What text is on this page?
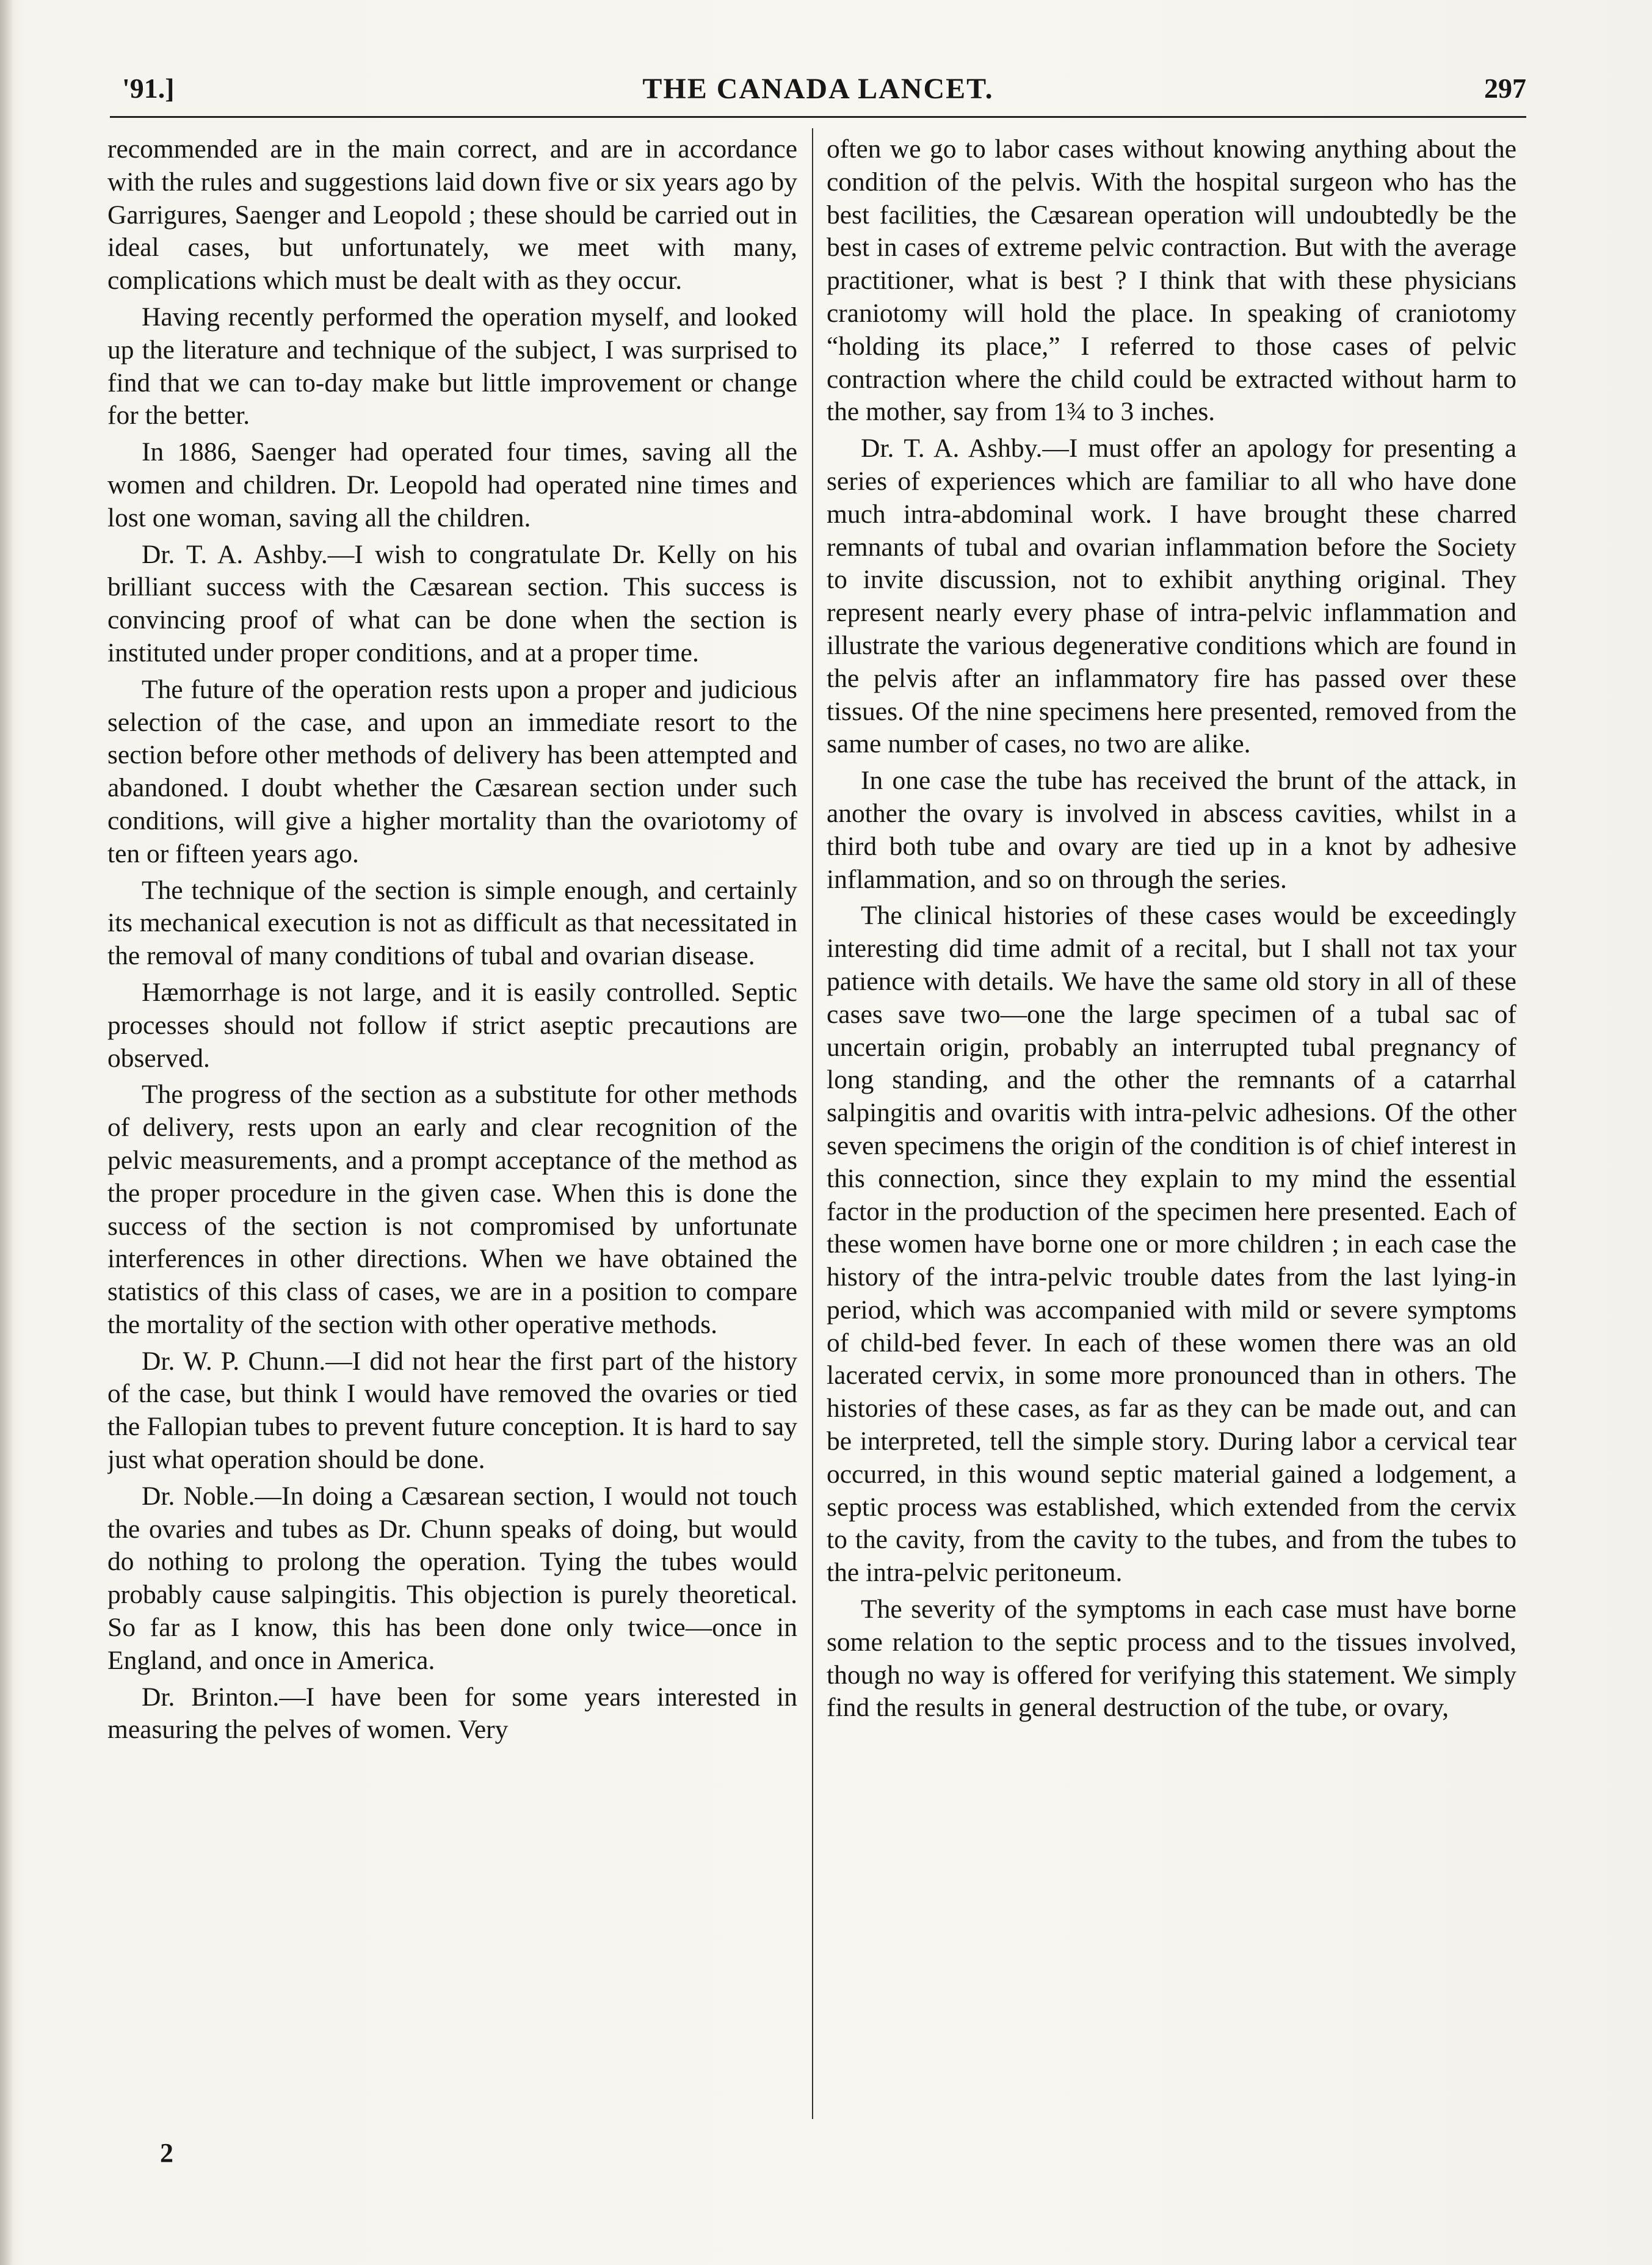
'91.]	THE CANADA LANCET.	297

recommended are in the main correct, and are in accordance with the rules and suggestions laid down five or six years ago by Garrigures, Saenger and Leopold ; these should be carried out in ideal cases, but unfortunately, we meet with many, complications which must be dealt with as they occur.

Having recently performed the operation myself, and looked up the literature and technique of the subject, I was surprised to find that we can to-day make but little improvement or change for the better.

In 1886, Saenger had operated four times, saving all the women and children. Dr. Leopold had operated nine times and lost one woman, saving all the children.

Dr. T. A. Ashby.—I wish to congratulate Dr. Kelly on his brilliant success with the Cæsarean section. This success is convincing proof of what can be done when the section is instituted under proper conditions, and at a proper time.

The future of the operation rests upon a proper and judicious selection of the case, and upon an immediate resort to the section before other methods of delivery has been attempted and abandoned. I doubt whether the Cæsarean section under such conditions, will give a higher mortality than the ovariotomy of ten or fifteen years ago.

The technique of the section is simple enough, and certainly its mechanical execution is not as difficult as that necessitated in the removal of many conditions of tubal and ovarian disease.

Hæmorrhage is not large, and it is easily controlled. Septic processes should not follow if strict aseptic precautions are observed.

The progress of the section as a substitute for other methods of delivery, rests upon an early and clear recognition of the pelvic measurements, and a prompt acceptance of the method as the proper procedure in the given case. When this is done the success of the section is not compromised by unfortunate interferences in other directions. When we have obtained the statistics of this class of cases, we are in a position to compare the mortality of the section with other operative methods.

Dr. W. P. Chunn.—I did not hear the first part of the history of the case, but think I would have removed the ovaries or tied the Fallopian tubes to prevent future conception. It is hard to say just what operation should be done.

Dr. Noble.—In doing a Cæsarean section, I would not touch the ovaries and tubes as Dr. Chunn speaks of doing, but would do nothing to prolong the operation. Tying the tubes would probably cause salpingitis. This objection is purely theoretical. So far as I know, this has been done only twice—once in England, and once in America.

Dr. Brinton.—I have been for some years interested in measuring the pelves of women. Very

often we go to labor cases without knowing anything about the condition of the pelvis. With the hospital surgeon who has the best facilities, the Cæsarean operation will undoubtedly be the best in cases of extreme pelvic contraction. But with the average practitioner, what is best ? I think that with these physicians craniotomy will hold the place. In speaking of craniotomy “holding its place,” I referred to those cases of pelvic contraction where the child could be extracted without harm to the mother, say from 1¾ to 3 inches.

Dr. T. A. Ashby.—I must offer an apology for presenting a series of experiences which are familiar to all who have done much intra-abdominal work. I have brought these charred remnants of tubal and ovarian inflammation before the Society to invite discussion, not to exhibit anything original. They represent nearly every phase of intra-pelvic inflammation and illustrate the various degenerative conditions which are found in the pelvis after an inflammatory fire has passed over these tissues. Of the nine specimens here presented, removed from the same number of cases, no two are alike.

In one case the tube has received the brunt of the attack, in another the ovary is involved in abscess cavities, whilst in a third both tube and ovary are tied up in a knot by adhesive inflammation, and so on through the series.

The clinical histories of these cases would be exceedingly interesting did time admit of a recital, but I shall not tax your patience with details. We have the same old story in all of these cases save two—one the large specimen of a tubal sac of uncertain origin, probably an interrupted tubal pregnancy of long standing, and the other the remnants of a catarrhal salpingitis and ovaritis with intra-pelvic adhesions. Of the other seven specimens the origin of the condition is of chief interest in this connection, since they explain to my mind the essential factor in the production of the specimen here presented. Each of these women have borne one or more children ; in each case the history of the intra-pelvic trouble dates from the last lying-in period, which was accompanied with mild or severe symptoms of child-bed fever. In each of these women there was an old lacerated cervix, in some more pronounced than in others. The histories of these cases, as far as they can be made out, and can be interpreted, tell the simple story. During labor a cervical tear occurred, in this wound septic material gained a lodgement, a septic process was established, which extended from the cervix to the cavity, from the cavity to the tubes, and from the tubes to the intra-pelvic peritoneum.

The severity of the symptoms in each case must have borne some relation to the septic process and to the tissues involved, though no way is offered for verifying this statement. We simply find the results in general destruction of the tube, or ovary,

2
